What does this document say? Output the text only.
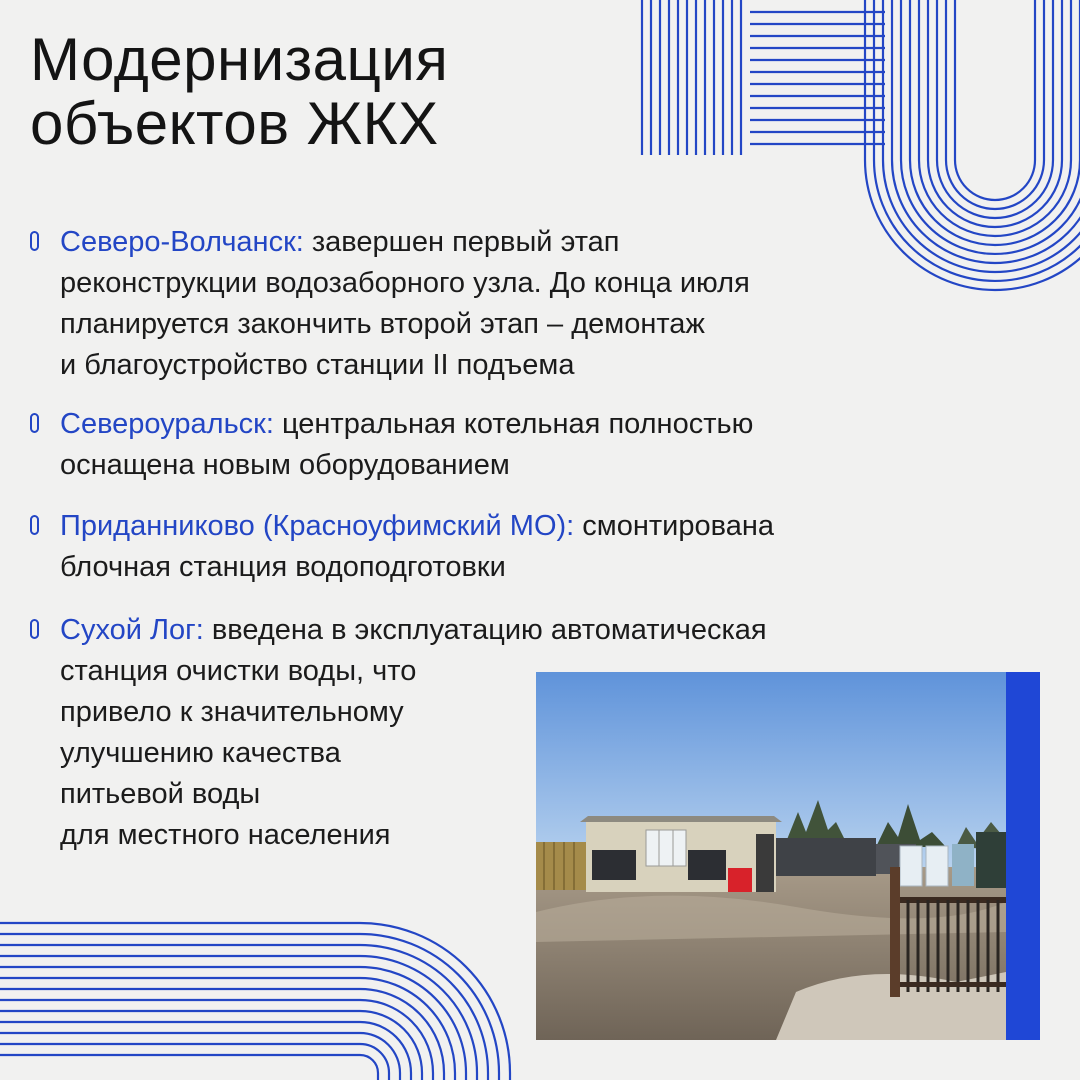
Модернизация
объектов ЖКХ
Северо-Волчанск: завершен первый этап
реконструкции водозаборного узла. До конца июля
планируется закончить второй этап – демонтаж
и благоустройство станции II подъема
Североуральск: центральная котельная полностью
оснащена новым оборудованием
Приданниково (Красноуфимский МО): смонтирована
блочная станция водоподготовки
Сухой Лог: введена в эксплуатацию автоматическая
станция очистки воды, что
привело к значительному
улучшению качества
питьевой воды
для местного населения
